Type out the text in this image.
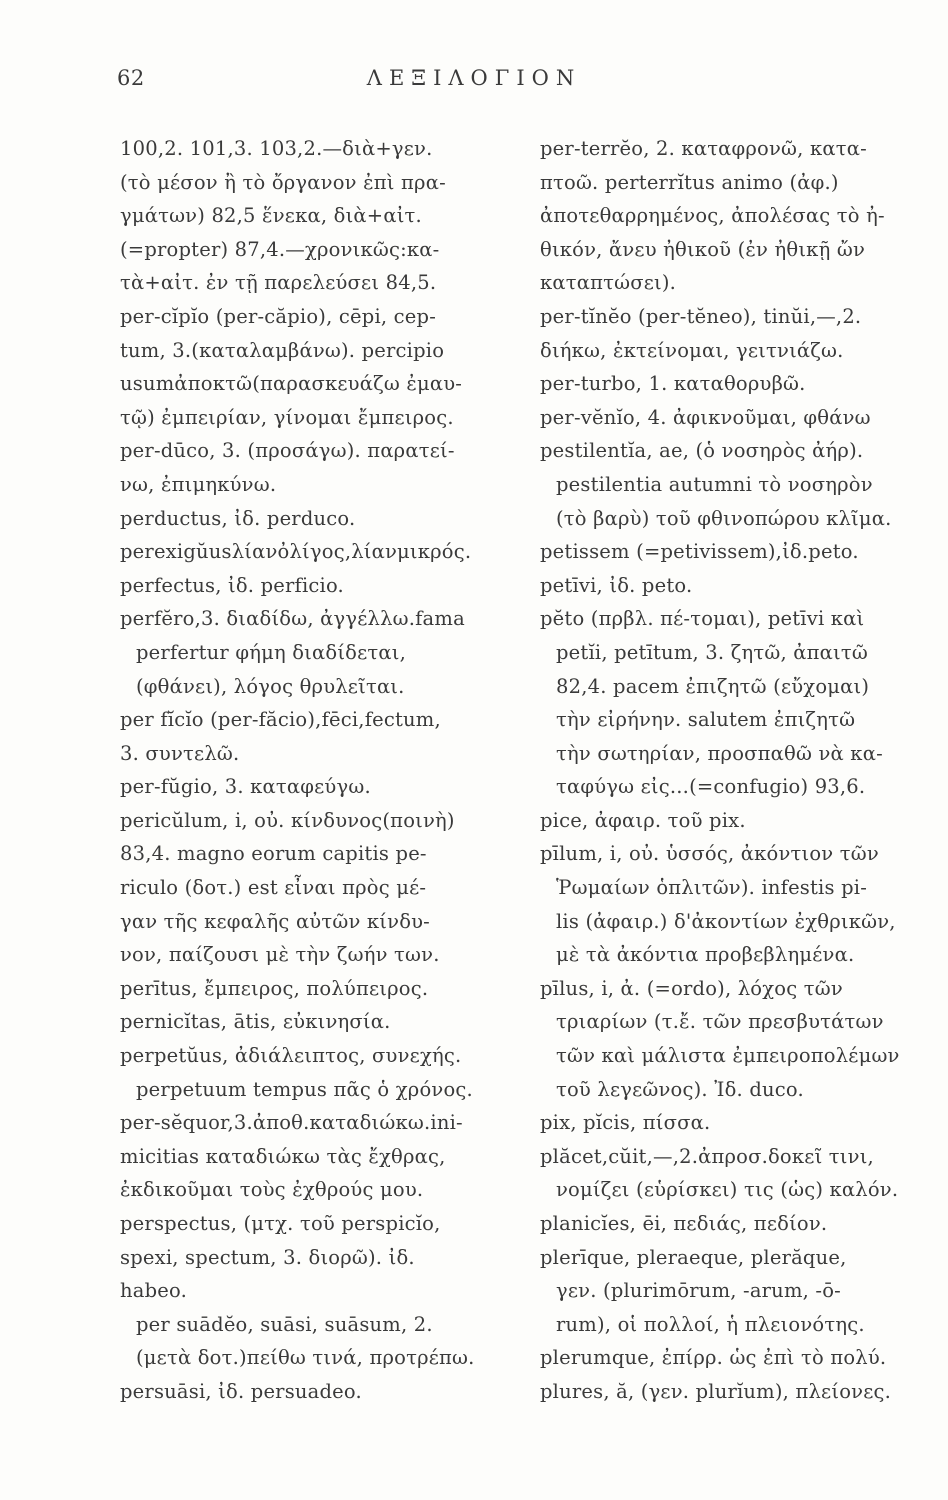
62	ΛΕΞΙΛΟΓΙΟΝ
100,2. 101,3. 103,2.—διὰ+γεν.
(τὸ μέσον ἢ τὸ ὄργανον ἐπὶ πρα-
γμάτων) 82,5 ἕνεκα, διὰ+αἰτ.
(=propter) 87,4.—χρονικῶς:κα-
τὰ+αἰτ. ἐν τῇ παρελεύσει 84,5.
per-cĭpĭo (per-căpio), cēpi, cep-
tum, 3.(καταλαμβάνω). percipio
usumἀποκτῶ(παρασκευάζω ἐμαυ-
τῷ) ἐμπειρίαν, γίνομαι ἔμπειρος.
per-dūco, 3. (προσάγω). παρατεί-
νω, ἐπιμηκύνω.
perductus, ἰδ. perduco.
perexigŭusλίανὀλίγος,λίανμικρός.
perfectus, ἰδ. perficio.
perfĕro,3. διαδίδω, ἀγγέλλω.fama
perfertur φήμη διαδίδεται,
(φθάνει), λόγος θρυλεῖται.
per fĭcĭo (per-făcio),fēci,fectum,
3. συντελῶ.
per-fŭgio, 3. καταφεύγω.
pericŭlum, i, οὐ. κίνδυνος(ποινὴ)
83,4. magno eorum capitis pe-
riculo (δοτ.) est εἶναι πρὸς μέ-
γαν τῆς κεφαλῆς αὐτῶν κίνδυ-
νον, παίζουσι μὲ τὴν ζωήν των.
perītus, ἔμπειρος, πολύπειρος.
pernicĭtas, ātis, εὐκινησία.
perpetŭus, ἀδιάλειπτος, συνεχής.
perpetuum tempus πᾶς ὁ χρόνος.
per-sĕquor,3.ἀποθ.καταδιώκω.ini-
micitias καταδιώκω τὰς ἔχθρας,
ἐκδικοῦμαι τοὺς ἐχθρούς μου.
perspectus, (μτχ. τοῦ perspicĭo,
spexi, spectum, 3. διορῶ). ἰδ.
habeo.
per suādĕo, suāsi, suāsum, 2.
(μετὰ δοτ.)πείθω τινά, προτρέπω.
persuāsi, ἰδ. persuadeo.
per-terrĕo, 2. καταφρονῶ, κατα-
πτοῶ. perterrĭtus animo (ἀφ.)
ἀποτεθαρρημένος, ἀπολέσας τὸ ἠ-
θικόν, ἄνευ ἠθικοῦ (ἐν ἠθικῇ ὤν
καταπτώσει).
per-tĭnĕo (per-tĕneo), tinŭi,—,2.
διήκω, ἐκτείνομαι, γειτνιάζω.
per-turbo, 1. καταθορυβῶ.
per-vĕnĭo, 4. ἀφικνοῦμαι, φθάνω
pestilentĭa, ae, (ὁ νοσηρὸς ἀήρ).
pestilentia autumni τὸ νοσηρὸν
(τὸ βαρὺ) τοῦ φθινοπώρου κλῖμα.
petissem (=petivissem),ἰδ.peto.
petīvi, ἰδ. peto.
pĕto (πρβλ. πέ-τομαι), petīvi καὶ
petĭi, petītum, 3. ζητῶ, ἀπαιτῶ
82,4. pacem ἐπιζητῶ (εὔχομαι)
τὴν εἰρήνην. salutem ἐπιζητῶ
τὴν σωτηρίαν, προσπαθῶ νὰ κα-
ταφύγω εἰς...(=confugio) 93,6.
pice, ἀφαιρ. τοῦ pix.
pīlum, i, οὐ. ὑσσός, ἀκόντιον τῶν
Ῥωμαίων ὁπλιτῶν). infestis pi-
lis (ἀφαιρ.) δ'ἀκοντίων ἐχθρικῶν,
μὲ τὰ ἀκόντια προβεβλημένα.
pīlus, i, ἀ. (=ordo), λόχος τῶν
τριαρίων (τ.ἔ. τῶν πρεσβυτάτων
τῶν καὶ μάλιστα ἐμπειροπολέμων
τοῦ λεγεῶνος). Ἰδ. duco.
pix, pĭcis, πίσσα.
plăcet,cŭit,—,2.ἀπροσ.δοκεῖ τινι,
νομίζει (εὑρίσκει) τις (ὡς) καλόν.
planicĭes, ēi, πεδιάς, πεδίον.
plerīque, pleraeque, plerăque,
γεν. (plurimōrum, -arum, -ō-
rum), οἱ πολλοί, ἡ πλειονότης.
plerumque, ἐπίρρ. ὡς ἐπὶ τὸ πολύ.
plures, ă, (γεν. plurĭum), πλείονες.
